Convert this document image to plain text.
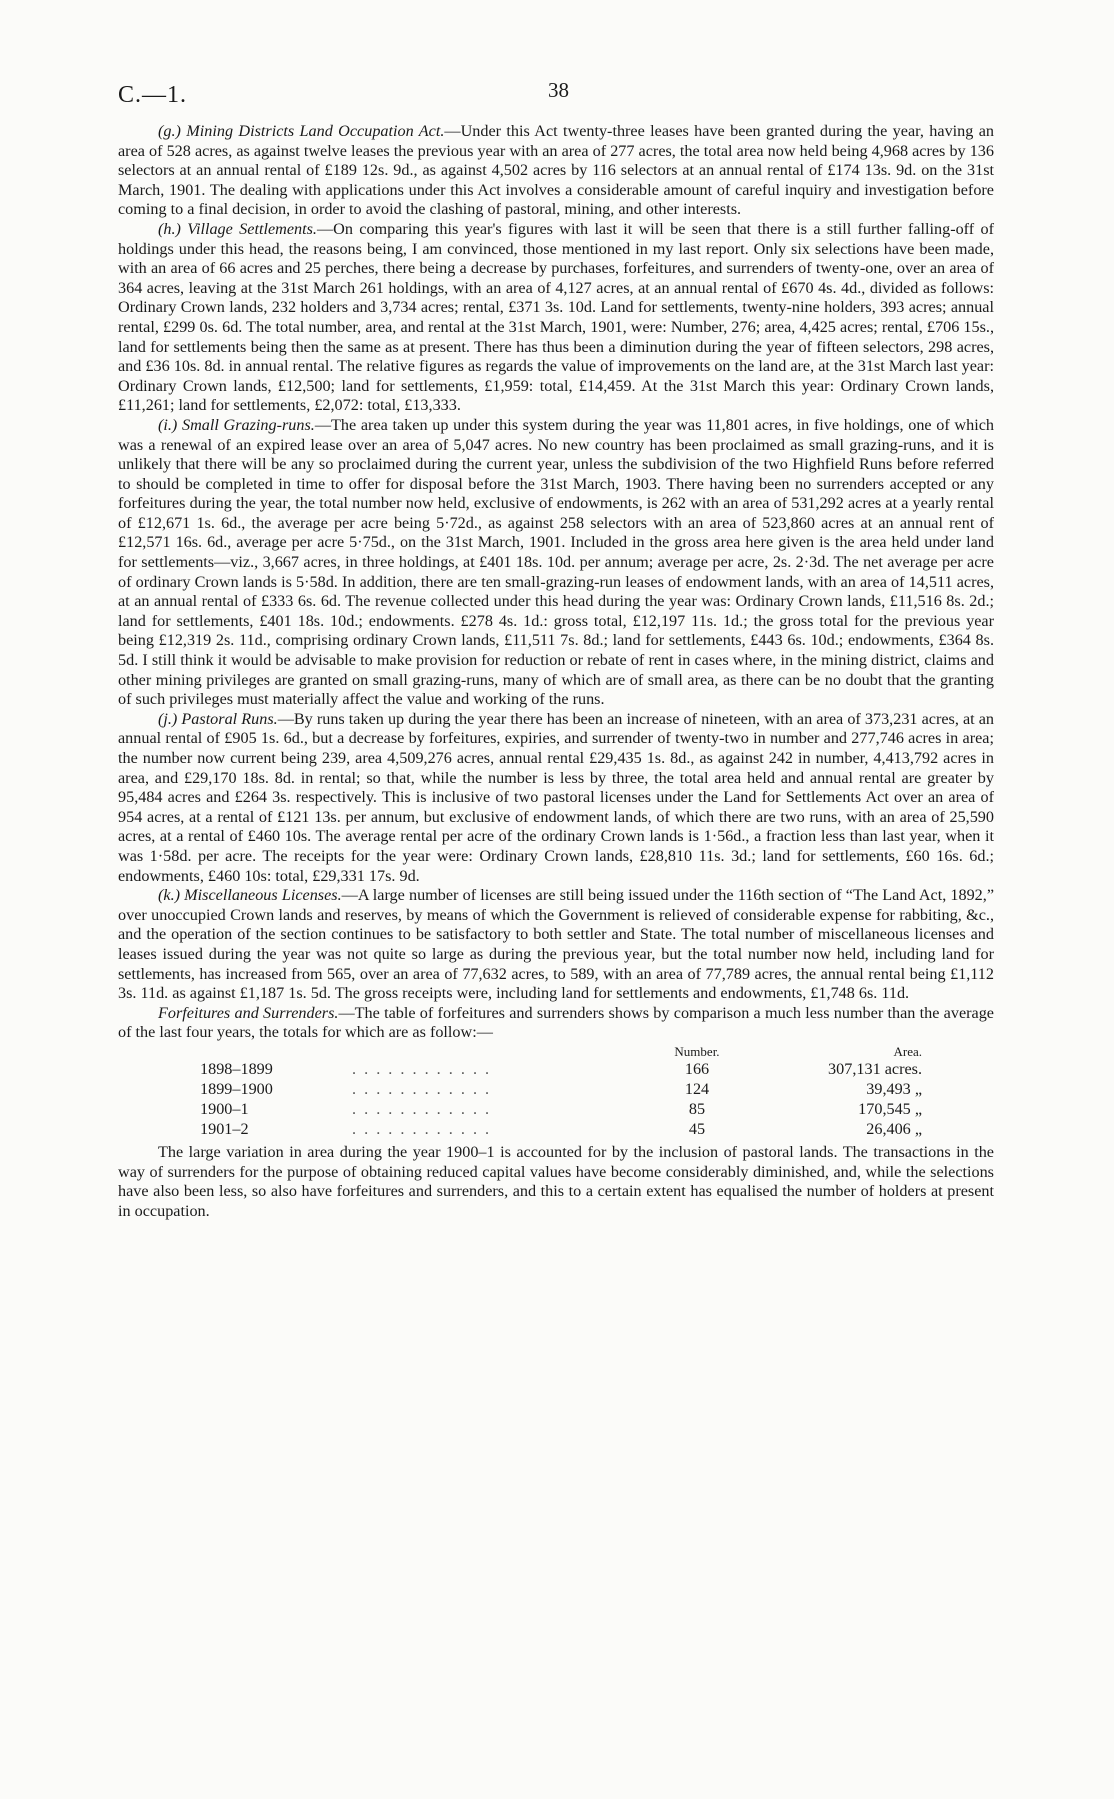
C.—1.	38

(g.) Mining Districts Land Occupation Act.—Under this Act twenty-three leases have been granted during the year, having an area of 528 acres, as against twelve leases the previous year with an area of 277 acres, the total area now held being 4,968 acres by 136 selectors at an annual rental of £189 12s. 9d., as against 4,502 acres by 116 selectors at an annual rental of £174 13s. 9d. on the 31st March, 1901. The dealing with applications under this Act involves a considerable amount of careful inquiry and investigation before coming to a final decision, in order to avoid the clashing of pastoral, mining, and other interests.

(h.) Village Settlements.—On comparing this year's figures with last it will be seen that there is a still further falling-off of holdings under this head, the reasons being, I am convinced, those mentioned in my last report. Only six selections have been made, with an area of 66 acres and 25 perches, there being a decrease by purchases, forfeitures, and surrenders of twenty-one, over an area of 364 acres, leaving at the 31st March 261 holdings, with an area of 4,127 acres, at an annual rental of £670 4s. 4d., divided as follows: Ordinary Crown lands, 232 holders and 3,734 acres; rental, £371 3s. 10d. Land for settlements, twenty-nine holders, 393 acres; annual rental, £299 0s. 6d. The total number, area, and rental at the 31st March, 1901, were: Number, 276; area, 4,425 acres; rental, £706 15s., land for settlements being then the same as at present. There has thus been a diminution during the year of fifteen selectors, 298 acres, and £36 10s. 8d. in annual rental. The relative figures as regards the value of improvements on the land are, at the 31st March last year: Ordinary Crown lands, £12,500; land for settlements, £1,959: total, £14,459. At the 31st March this year: Ordinary Crown lands, £11,261; land for settlements, £2,072: total, £13,333.

(i.) Small Grazing-runs.—The area taken up under this system during the year was 11,801 acres, in five holdings, one of which was a renewal of an expired lease over an area of 5,047 acres. No new country has been proclaimed as small grazing-runs, and it is unlikely that there will be any so proclaimed during the current year, unless the subdivision of the two Highfield Runs before referred to should be completed in time to offer for disposal before the 31st March, 1903. There having been no surrenders accepted or any forfeitures during the year, the total number now held, exclusive of endowments, is 262 with an area of 531,292 acres at a yearly rental of £12,671 1s. 6d., the average per acre being 5·72d., as against 258 selectors with an area of 523,860 acres at an annual rent of £12,571 16s. 6d., average per acre 5·75d., on the 31st March, 1901. Included in the gross area here given is the area held under land for settlements—viz., 3,667 acres, in three holdings, at £401 18s. 10d. per annum; average per acre, 2s. 2·3d. The net average per acre of ordinary Crown lands is 5·58d. In addition, there are ten small-grazing-run leases of endowment lands, with an area of 14,511 acres, at an annual rental of £333 6s. 6d. The revenue collected under this head during the year was: Ordinary Crown lands, £11,516 8s. 2d.; land for settlements, £401 18s. 10d.; endowments. £278 4s. 1d.: gross total, £12,197 11s. 1d.; the gross total for the previous year being £12,319 2s. 11d., comprising ordinary Crown lands, £11,511 7s. 8d.; land for settlements, £443 6s. 10d.; endowments, £364 8s. 5d. I still think it would be advisable to make provision for reduction or rebate of rent in cases where, in the mining district, claims and other mining privileges are granted on small grazing-runs, many of which are of small area, as there can be no doubt that the granting of such privileges must materially affect the value and working of the runs.

(j.) Pastoral Runs.—By runs taken up during the year there has been an increase of nineteen, with an area of 373,231 acres, at an annual rental of £905 1s. 6d., but a decrease by forfeitures, expiries, and surrender of twenty-two in number and 277,746 acres in area; the number now current being 239, area 4,509,276 acres, annual rental £29,435 1s. 8d., as against 242 in number, 4,413,792 acres in area, and £29,170 18s. 8d. in rental; so that, while the number is less by three, the total area held and annual rental are greater by 95,484 acres and £264 3s. respectively. This is inclusive of two pastoral licenses under the Land for Settlements Act over an area of 954 acres, at a rental of £121 13s. per annum, but exclusive of endowment lands, of which there are two runs, with an area of 25,590 acres, at a rental of £460 10s. The average rental per acre of the ordinary Crown lands is 1·56d., a fraction less than last year, when it was 1·58d. per acre. The receipts for the year were: Ordinary Crown lands, £28,810 11s. 3d.; land for settlements, £60 16s. 6d.; endowments, £460 10s: total, £29,331 17s. 9d.

(k.) Miscellaneous Licenses.—A large number of licenses are still being issued under the 116th section of “The Land Act, 1892,” over unoccupied Crown lands and reserves, by means of which the Government is relieved of considerable expense for rabbiting, &c., and the operation of the section continues to be satisfactory to both settler and State. The total number of miscellaneous licenses and leases issued during the year was not quite so large as during the previous year, but the total number now held, including land for settlements, has increased from 565, over an area of 77,632 acres, to 589, with an area of 77,789 acres, the annual rental being £1,112 3s. 11d. as against £1,187 1s. 5d. The gross receipts were, including land for settlements and endowments, £1,748 6s. 11d.

Forfeitures and Surrenders.—The table of forfeitures and surrenders shows by comparison a much less number than the average of the last four years, the totals for which are as follow:—

		Number.	Area.
1898–1899	. . . . . . . . . . . .	166	307,131 acres.
1899–1900	. . . . . . . . . . . .	124	39,493 „
1900–1	. . . . . . . . . . . .	85	170,545 „
1901–2	. . . . . . . . . . . .	45	26,406 „

The large variation in area during the year 1900–1 is accounted for by the inclusion of pastoral lands. The transactions in the way of surrenders for the purpose of obtaining reduced capital values have become considerably diminished, and, while the selections have also been less, so also have forfeitures and surrenders, and this to a certain extent has equalised the number of holders at present in occupation.
